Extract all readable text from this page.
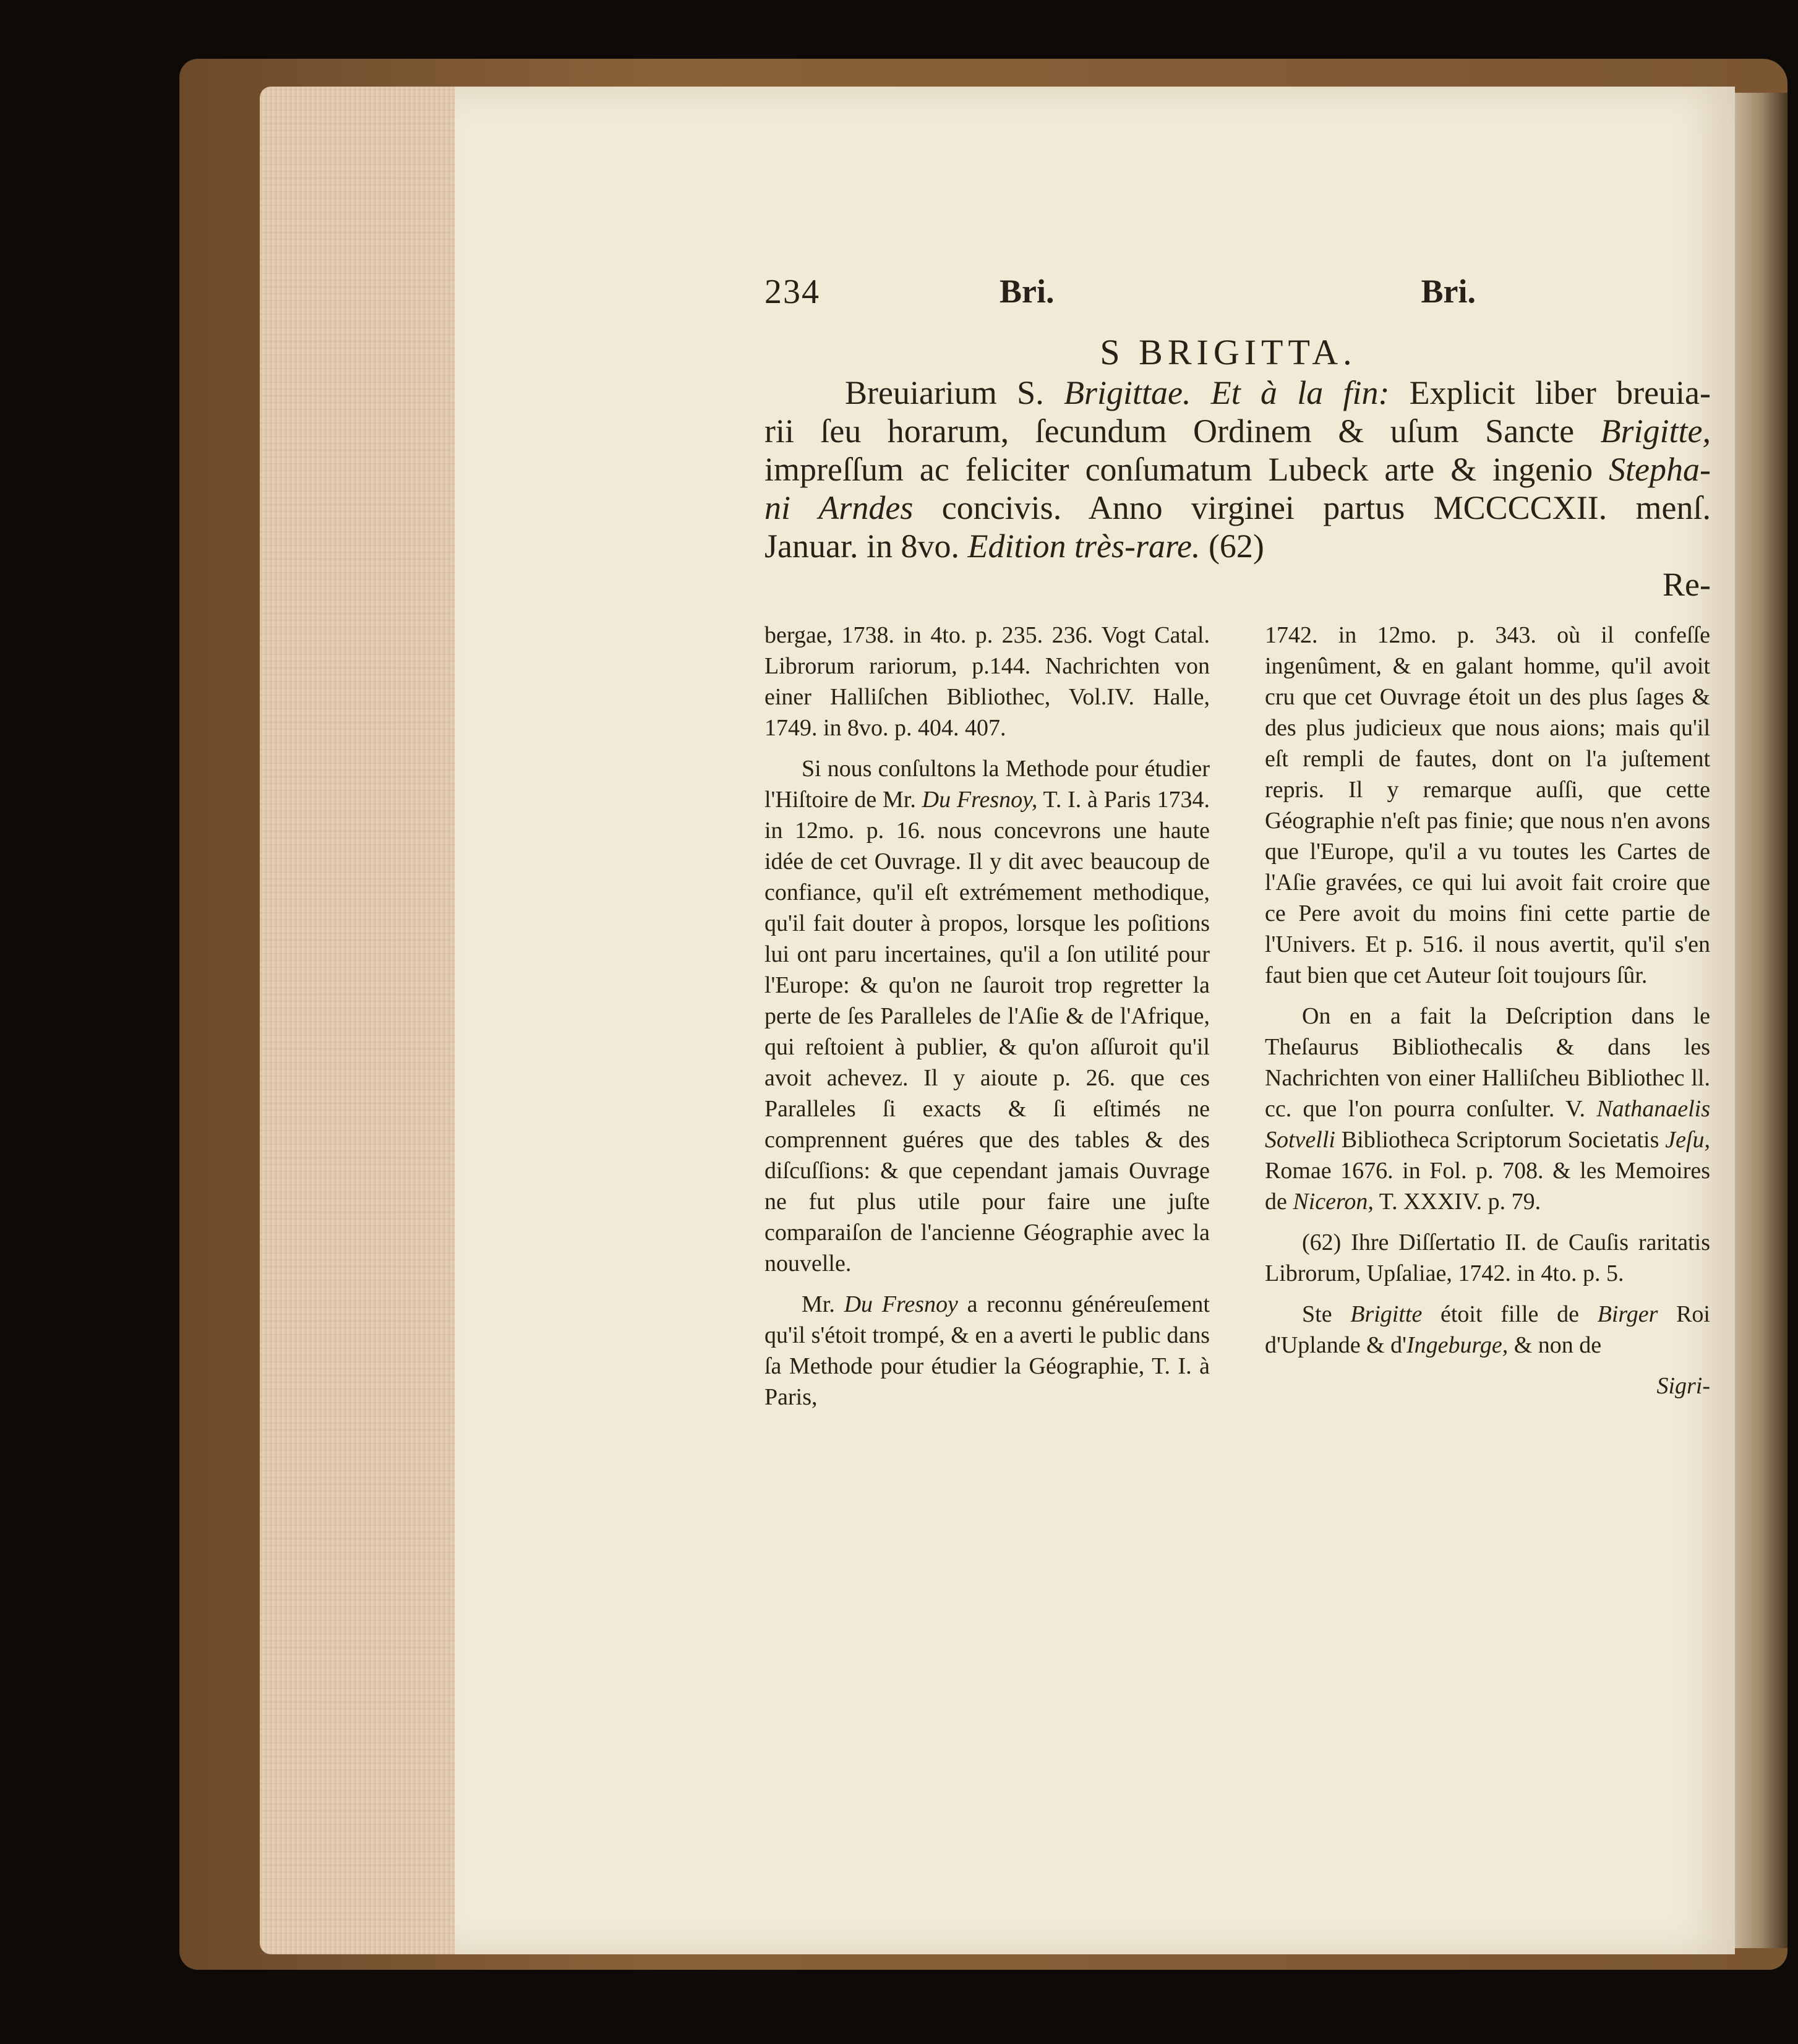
234	Bri.	Bri.
S BRIGITTA.
Breuiarium S. Brigittae. Et à la fin: Explicit liber breuia-
rii ſeu horarum, ſecundum Ordinem & uſum Sancte Brigitte,
impreſſum ac feliciter conſumatum Lubeck arte & ingenio Stepha-
ni Arndes concivis. Anno virginei partus MCCCCXII. menſ.
Januar. in 8vo. Edition très-rare. (62)
Re-

bergae, 1738. in 4to. p. 235. 236. Vogt Catal. Librorum rariorum, p.144. Nachrichten von einer Halliſchen Bibliothec, Vol.IV. Halle, 1749. in 8vo. p. 404. 407.

Si nous conſultons la Methode pour étudier l'Hiſtoire de Mr. Du Fresnoy, T. I. à Paris 1734. in 12mo. p. 16. nous concevrons une haute idée de cet Ouvrage. Il y dit avec beaucoup de confiance, qu'il eſt extrémement methodique, qu'il fait douter à propos, lorsque les poſitions lui ont paru incertaines, qu'il a ſon utilité pour l'Europe: & qu'on ne ſauroit trop regretter la perte de ſes Paralleles de l'Aſie & de l'Afrique, qui reſtoient à publier, & qu'on aſſuroit qu'il avoit achevez. Il y aioute p. 26. que ces Paralleles ſi exacts & ſi eſtimés ne comprennent guéres que des tables & des diſcuſſions: & que cependant jamais Ouvrage ne fut plus utile pour faire une juſte comparaiſon de l'ancienne Géographie avec la nouvelle.

Mr. Du Fresnoy a reconnu généreuſement qu'il s'étoit trompé, & en a averti le public dans ſa Methode pour étudier la Géographie, T. I. à Paris,

1742. in 12mo. p. 343. où il confeſſe ingenûment, & en galant homme, qu'il avoit cru que cet Ouvrage étoit un des plus ſages & des plus judicieux que nous aions; mais qu'il eſt rempli de fautes, dont on l'a juſtement repris. Il y remarque auſſi, que cette Géographie n'eſt pas finie; que nous n'en avons que l'Europe, qu'il a vu toutes les Cartes de l'Aſie gravées, ce qui lui avoit fait croire que ce Pere avoit du moins fini cette partie de l'Univers. Et p. 516. il nous avertit, qu'il s'en faut bien que cet Auteur ſoit toujours ſûr.

On en a fait la Deſcription dans le Theſaurus Bibliothecalis & dans les Nachrichten von einer Halliſcheu Bibliothec ll. cc. que l'on pourra conſulter. V. Nathanaelis Sotvelli Bibliotheca Scriptorum Societatis Jeſu, Romae 1676. in Fol. p. 708. & les Memoires de Niceron, T. XXXIV. p. 79.

(62) Ihre Diſſertatio II. de Cauſis raritatis Librorum, Upſaliae, 1742. in 4to. p. 5.

Ste Brigitte étoit fille de Birger Roi d'Uplande & d'Ingeburge, & non de

Sigri-
